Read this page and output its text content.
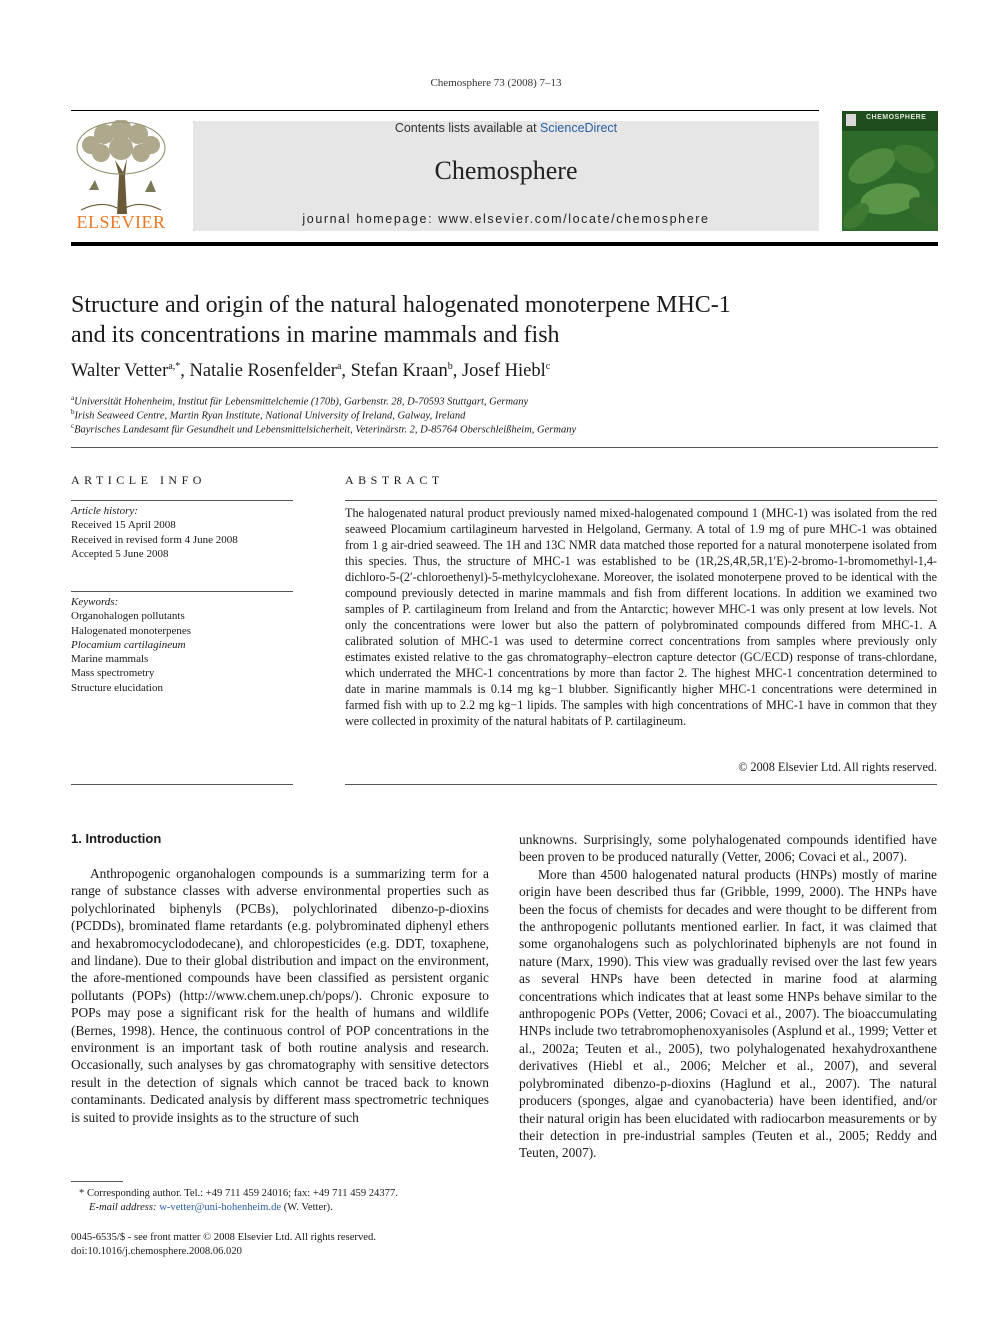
Chemosphere 73 (2008) 7–13
ELSEVIER
Contents lists available at ScienceDirect
Chemosphere
journal homepage: www.elsevier.com/locate/chemosphere
CHEMOSPHERE
Structure and origin of the natural halogenated monoterpene MHC-1
and its concentrations in marine mammals and fish
Walter Vetter$^{a,*}$, Natalie Rosenfelder$^a$, Stefan Kraan$^b$, Josef Hiebl$^c$
$^a$Universität Hohenheim, Institut für Lebensmittelchemie (170b), Garbenstr. 28, D-70593 Stuttgart, Germany
$^b$Irish Seaweed Centre, Martin Ryan Institute, National University of Ireland, Galway, Ireland
$^c$Bayrisches Landesamt für Gesundheit und Lebensmittelsicherheit, Veterinärstr. 2, D-85764 Oberschleißheim, Germany
ARTICLE INFO
Article history:
Received 15 April 2008
Received in revised form 4 June 2008
Accepted 5 June 2008
Keywords:
Organohalogen pollutants
Halogenated monoterpenes
Plocamium cartilagineum
Marine mammals
Mass spectrometry
Structure elucidation
ABSTRACT

The halogenated natural product previously named mixed-halogenated compound 1 (MHC-1) was isolated from the red seaweed Plocamium cartilagineum harvested in Helgoland, Germany. A total of 1.9 mg of pure MHC-1 was obtained from 1 g air-dried seaweed. The 1H and 13C NMR data matched those reported for a natural monoterpene isolated from this species. Thus, the structure of MHC-1 was established to be (1R,2S,4R,5R,1′E)-2-bromo-1-bromomethyl-1,4-dichloro-5-(2′-chloroethenyl)-5-methylcyclohexane. Moreover, the isolated monoterpene proved to be identical with the compound previously detected in marine mammals and fish from different locations. In addition we examined two samples of P. cartilagineum from Ireland and from the Antarctic; however MHC-1 was only present at low levels. Not only the concentrations were lower but also the pattern of polybrominated compounds differed from MHC-1. A calibrated solution of MHC-1 was used to determine correct concentrations from samples where previously only estimates existed relative to the gas chromatography–electron capture detector (GC/ECD) response of trans-chlordane, which underrated the MHC-1 concentrations by more than factor 2. The highest MHC-1 concentration determined to date in marine mammals is 0.14 mg kg−1 blubber. Significantly higher MHC-1 concentrations were determined in farmed fish with up to 2.2 mg kg−1 lipids. The samples with high concentrations of MHC-1 have in common that they were collected in proximity of the natural habitats of P. cartilagineum.

© 2008 Elsevier Ltd. All rights reserved.
1. Introduction

Anthropogenic organohalogen compounds is a summarizing term for a range of substance classes with adverse environmental properties such as polychlorinated biphenyls (PCBs), polychlorinated dibenzo-p-dioxins (PCDDs), brominated flame retardants (e.g. polybrominated diphenyl ethers and hexabromocyclododecane), and chloropesticides (e.g. DDT, toxaphene, and lindane). Due to their global distribution and impact on the environment, the afore-mentioned compounds have been classified as persistent organic pollutants (POPs) (http://www.chem.unep.ch/pops/). Chronic exposure to POPs may pose a significant risk for the health of humans and wildlife (Bernes, 1998). Hence, the continuous control of POP concentrations in the environment is an important task of both routine analysis and research. Occasionally, such analyses by gas chromatography with sensitive detectors result in the detection of signals which cannot be traced back to known contaminants. Dedicated analysis by different mass spectrometric techniques is suited to provide insights as to the structure of such

unknowns. Surprisingly, some polyhalogenated compounds identified have been proven to be produced naturally (Vetter, 2006; Covaci et al., 2007).

More than 4500 halogenated natural products (HNPs) mostly of marine origin have been described thus far (Gribble, 1999, 2000). The HNPs have been the focus of chemists for decades and were thought to be different from the anthropogenic pollutants mentioned earlier. In fact, it was claimed that some organohalogens such as polychlorinated biphenyls are not found in nature (Marx, 1990). This view was gradually revised over the last few years as several HNPs have been detected in marine food at alarming concentrations which indicates that at least some HNPs behave similar to the anthropogenic POPs (Vetter, 2006; Covaci et al., 2007). The bioaccumulating HNPs include two tetrabromophenoxyanisoles (Asplund et al., 1999; Vetter et al., 2002a; Teuten et al., 2005), two polyhalogenated hexahydroxanthene derivatives (Hiebl et al., 2006; Melcher et al., 2007), and several polybrominated dibenzo-p-dioxins (Haglund et al., 2007). The natural producers (sponges, algae and cyanobacteria) have been identified, and/or their natural origin has been elucidated with radiocarbon measurements or by their detection in pre-industrial samples (Teuten et al., 2005; Reddy and Teuten, 2007).

* Corresponding author. Tel.: +49 711 459 24016; fax: +49 711 459 24377.
E-mail address: w-vetter@uni-hohenheim.de (W. Vetter).
0045-6535/$ - see front matter © 2008 Elsevier Ltd. All rights reserved.
doi:10.1016/j.chemosphere.2008.06.020
